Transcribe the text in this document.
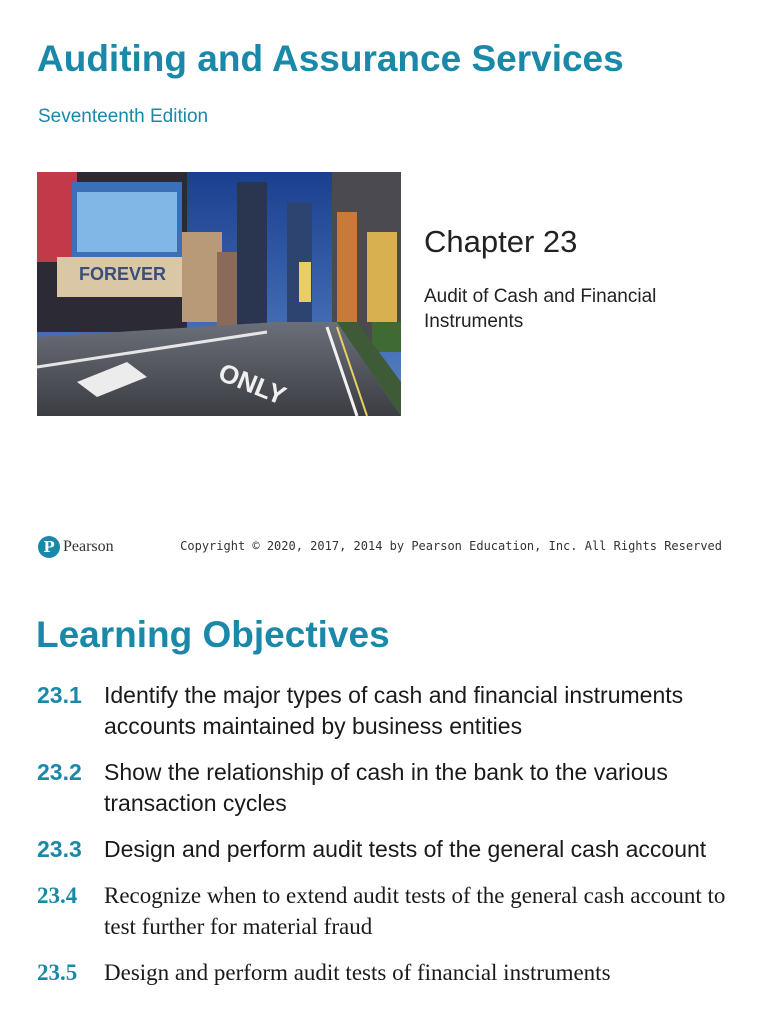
Auditing and Assurance Services
Seventeenth Edition
FOREVER
ONLY
Chapter 23
Audit of Cash and Financial Instruments
P Pearson	Copyright © 2020, 2017, 2014 by Pearson Education, Inc. All Rights Reserved
Learning Objectives
23.1 Identify the major types of cash and financial instruments accounts maintained by business entities
23.2 Show the relationship of cash in the bank to the various transaction cycles
23.3 Design and perform audit tests of the general cash account
23.4	Recognize when to extend audit tests of the general cash account to test further for material fraud
23.5	Design and perform audit tests of financial instruments
